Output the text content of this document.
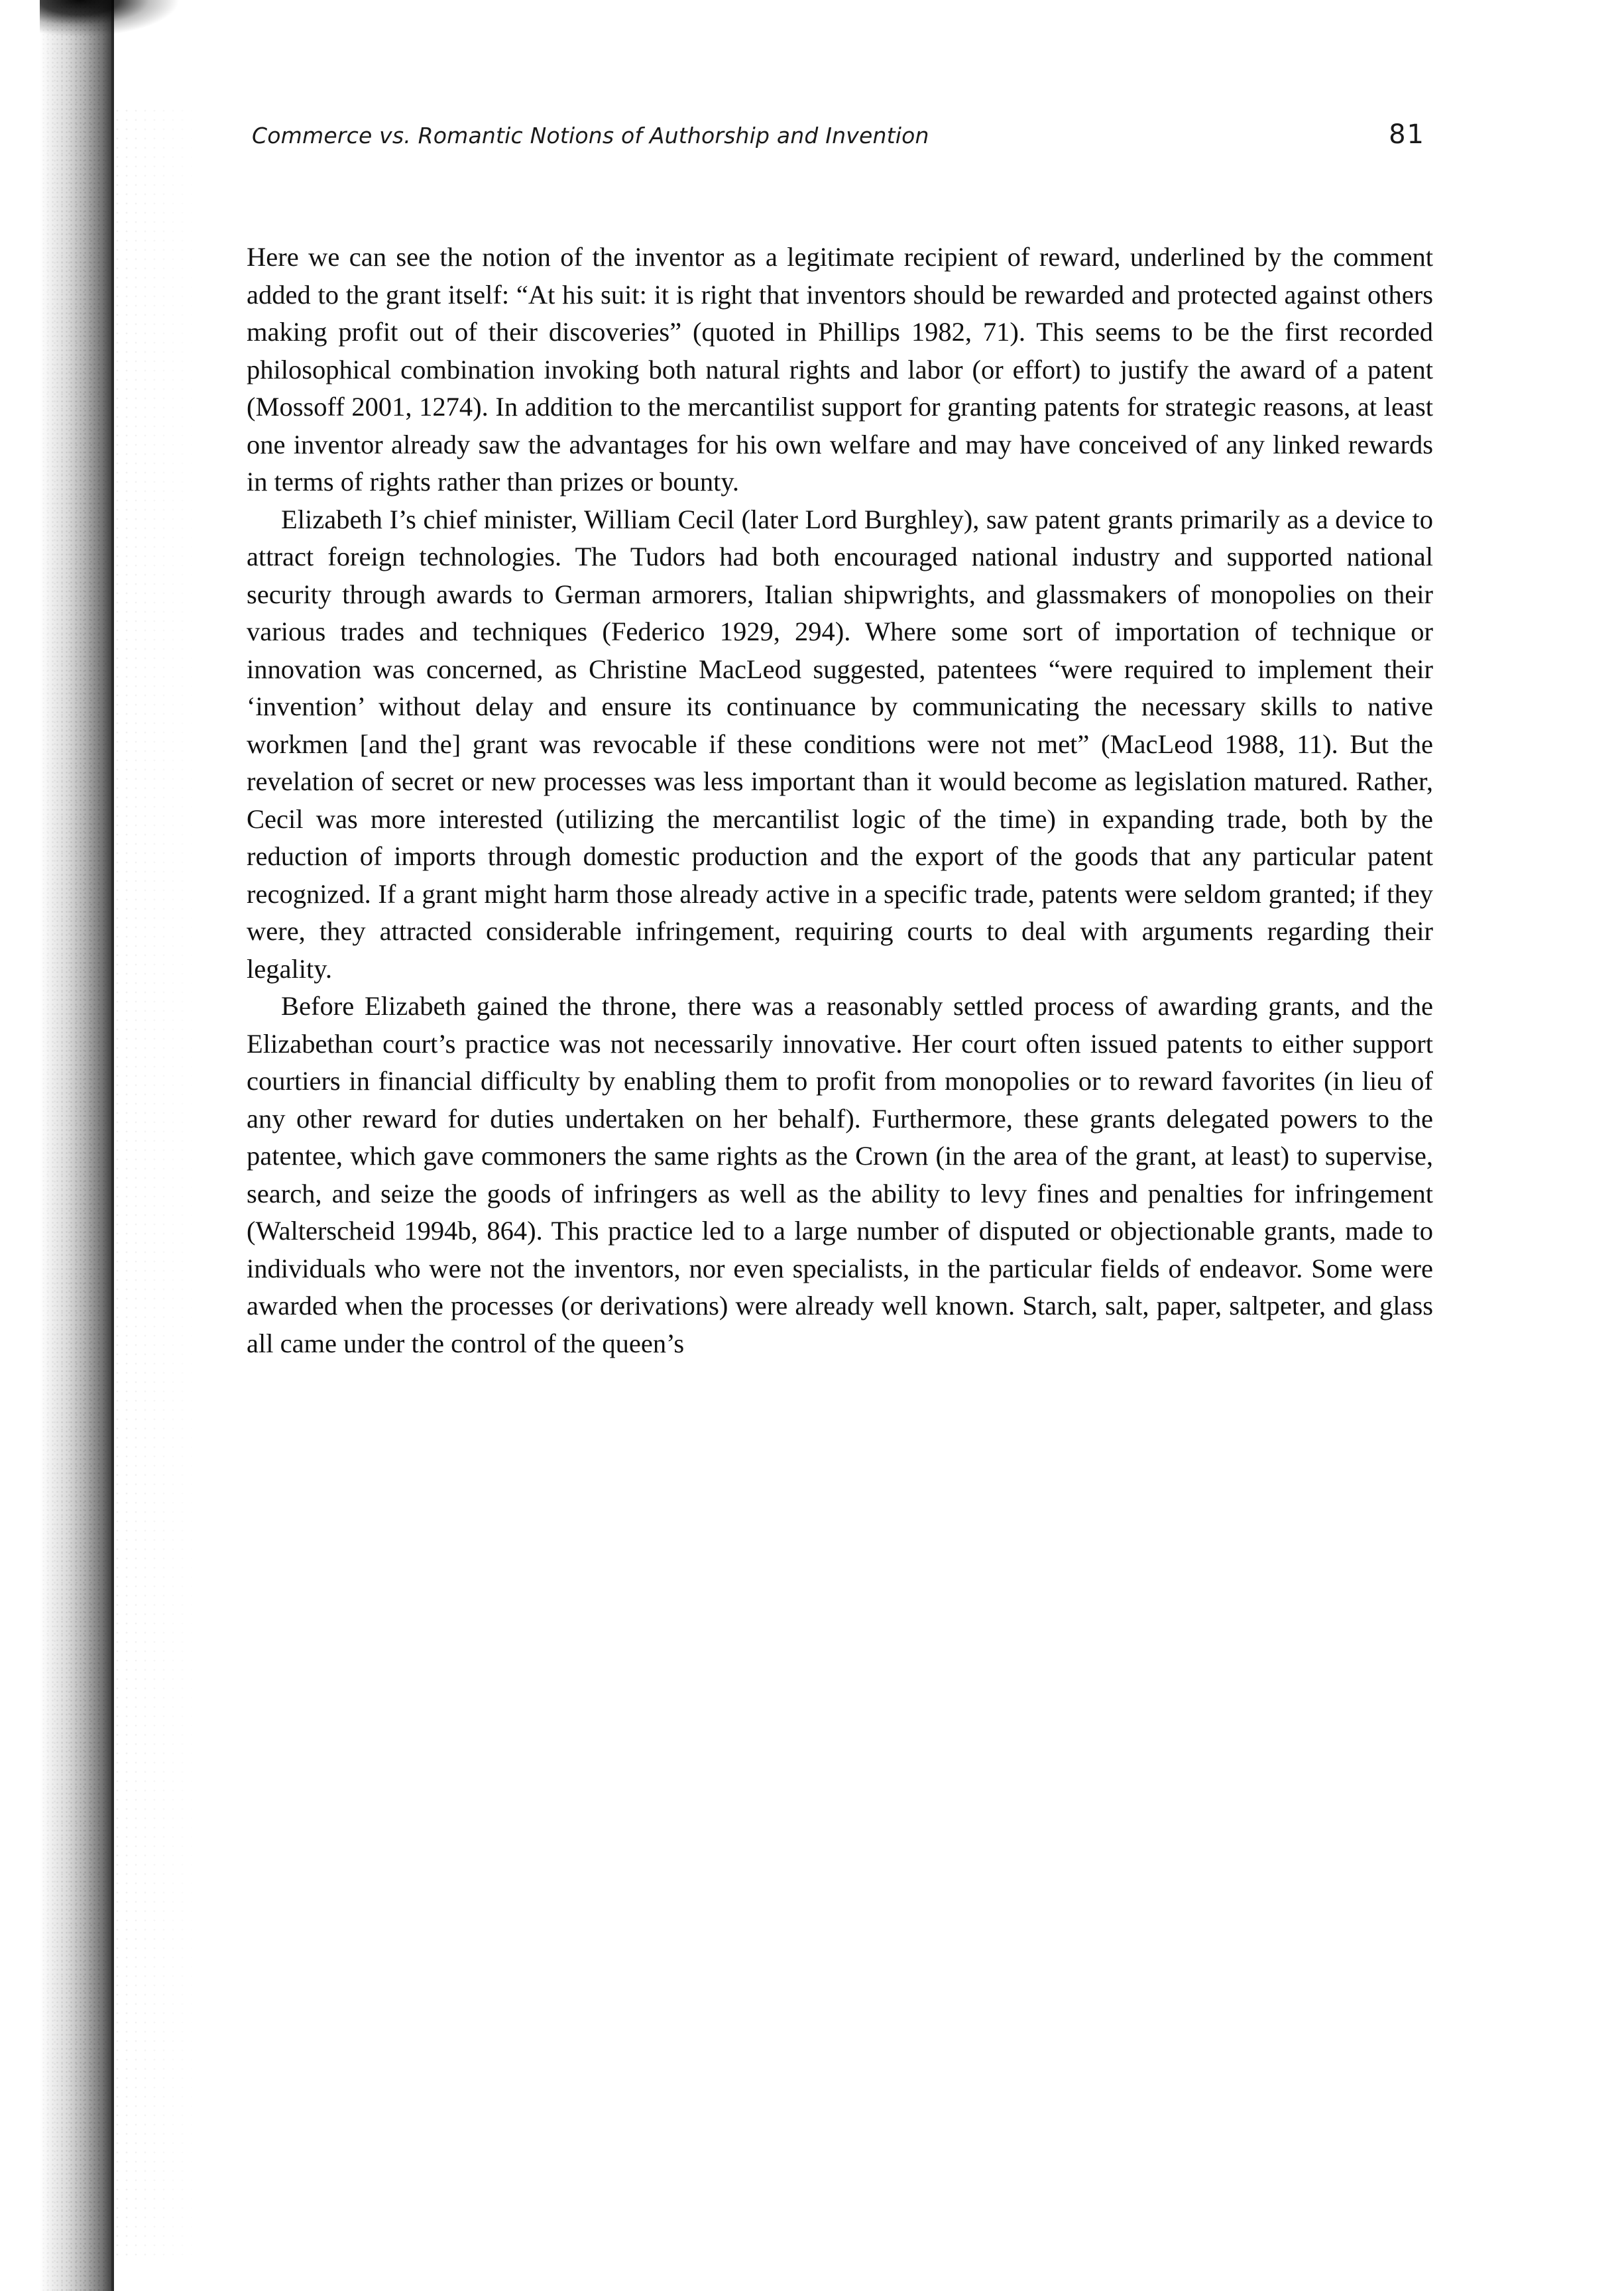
Commerce vs. Romantic Notions of Authorship and Invention	81

Here we can see the notion of the inventor as a legitimate recipient of reward, underlined by the comment added to the grant itself: “At his suit: it is right that inventors should be rewarded and protected against others making profit out of their discoveries” (quoted in Phillips 1982, 71). This seems to be the first recorded philosophical combination invoking both natural rights and labor (or effort) to justify the award of a patent (Mossoff 2001, 1274). In addition to the mercantilist support for granting patents for strategic reasons, at least one inventor already saw the advantages for his own welfare and may have conceived of any linked rewards in terms of rights rather than prizes or bounty.

Elizabeth I’s chief minister, William Cecil (later Lord Burghley), saw patent grants primarily as a device to attract foreign technologies. The Tudors had both encouraged national industry and supported national security through awards to German armorers, Italian shipwrights, and glassmakers of monopolies on their various trades and techniques (Federico 1929, 294). Where some sort of importation of technique or innovation was concerned, as Christine MacLeod suggested, patentees “were required to implement their ‘invention’ without delay and ensure its continuance by communicating the necessary skills to native workmen [and the] grant was revocable if these conditions were not met” (MacLeod 1988, 11). But the revelation of secret or new processes was less important than it would become as legislation matured. Rather, Cecil was more interested (utilizing the mercantilist logic of the time) in expanding trade, both by the reduction of imports through domestic production and the export of the goods that any particular patent recognized. If a grant might harm those already active in a specific trade, patents were seldom granted; if they were, they attracted considerable infringement, requiring courts to deal with arguments regarding their legality.

Before Elizabeth gained the throne, there was a reasonably settled process of awarding grants, and the Elizabethan court’s practice was not necessarily innovative. Her court often issued patents to either support courtiers in financial difficulty by enabling them to profit from monopolies or to reward favorites (in lieu of any other reward for duties undertaken on her behalf). Furthermore, these grants delegated powers to the patentee, which gave commoners the same rights as the Crown (in the area of the grant, at least) to supervise, search, and seize the goods of infringers as well as the ability to levy fines and penalties for infringement (Walterscheid 1994b, 864). This practice led to a large number of disputed or objectionable grants, made to individuals who were not the inventors, nor even specialists, in the particular fields of endeavor. Some were awarded when the processes (or derivations) were already well known. Starch, salt, paper, saltpeter, and glass all came under the control of the queen’s
